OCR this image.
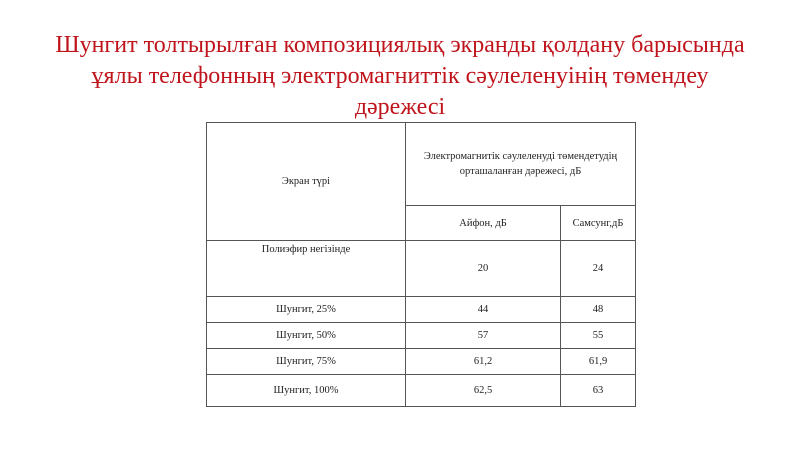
Шунгит толтырылған композициялық экранды қолдану барысында
ұялы телефонның электромагниттік сәулеленуінің төмендеу
дәрежесі
Экран түрі	Электромагнитік сәулеленуді төмендетудің
орташаланған дәрежесі, дБ	
	Айфон, дБ	Самсунг,дБ

Полиэфир негізінде	20	24
Шунгит, 25%	44	48
Шунгит, 50%	57	55
Шунгит, 75%	61,2	61,9
Шунгит, 100%	62,5	63
